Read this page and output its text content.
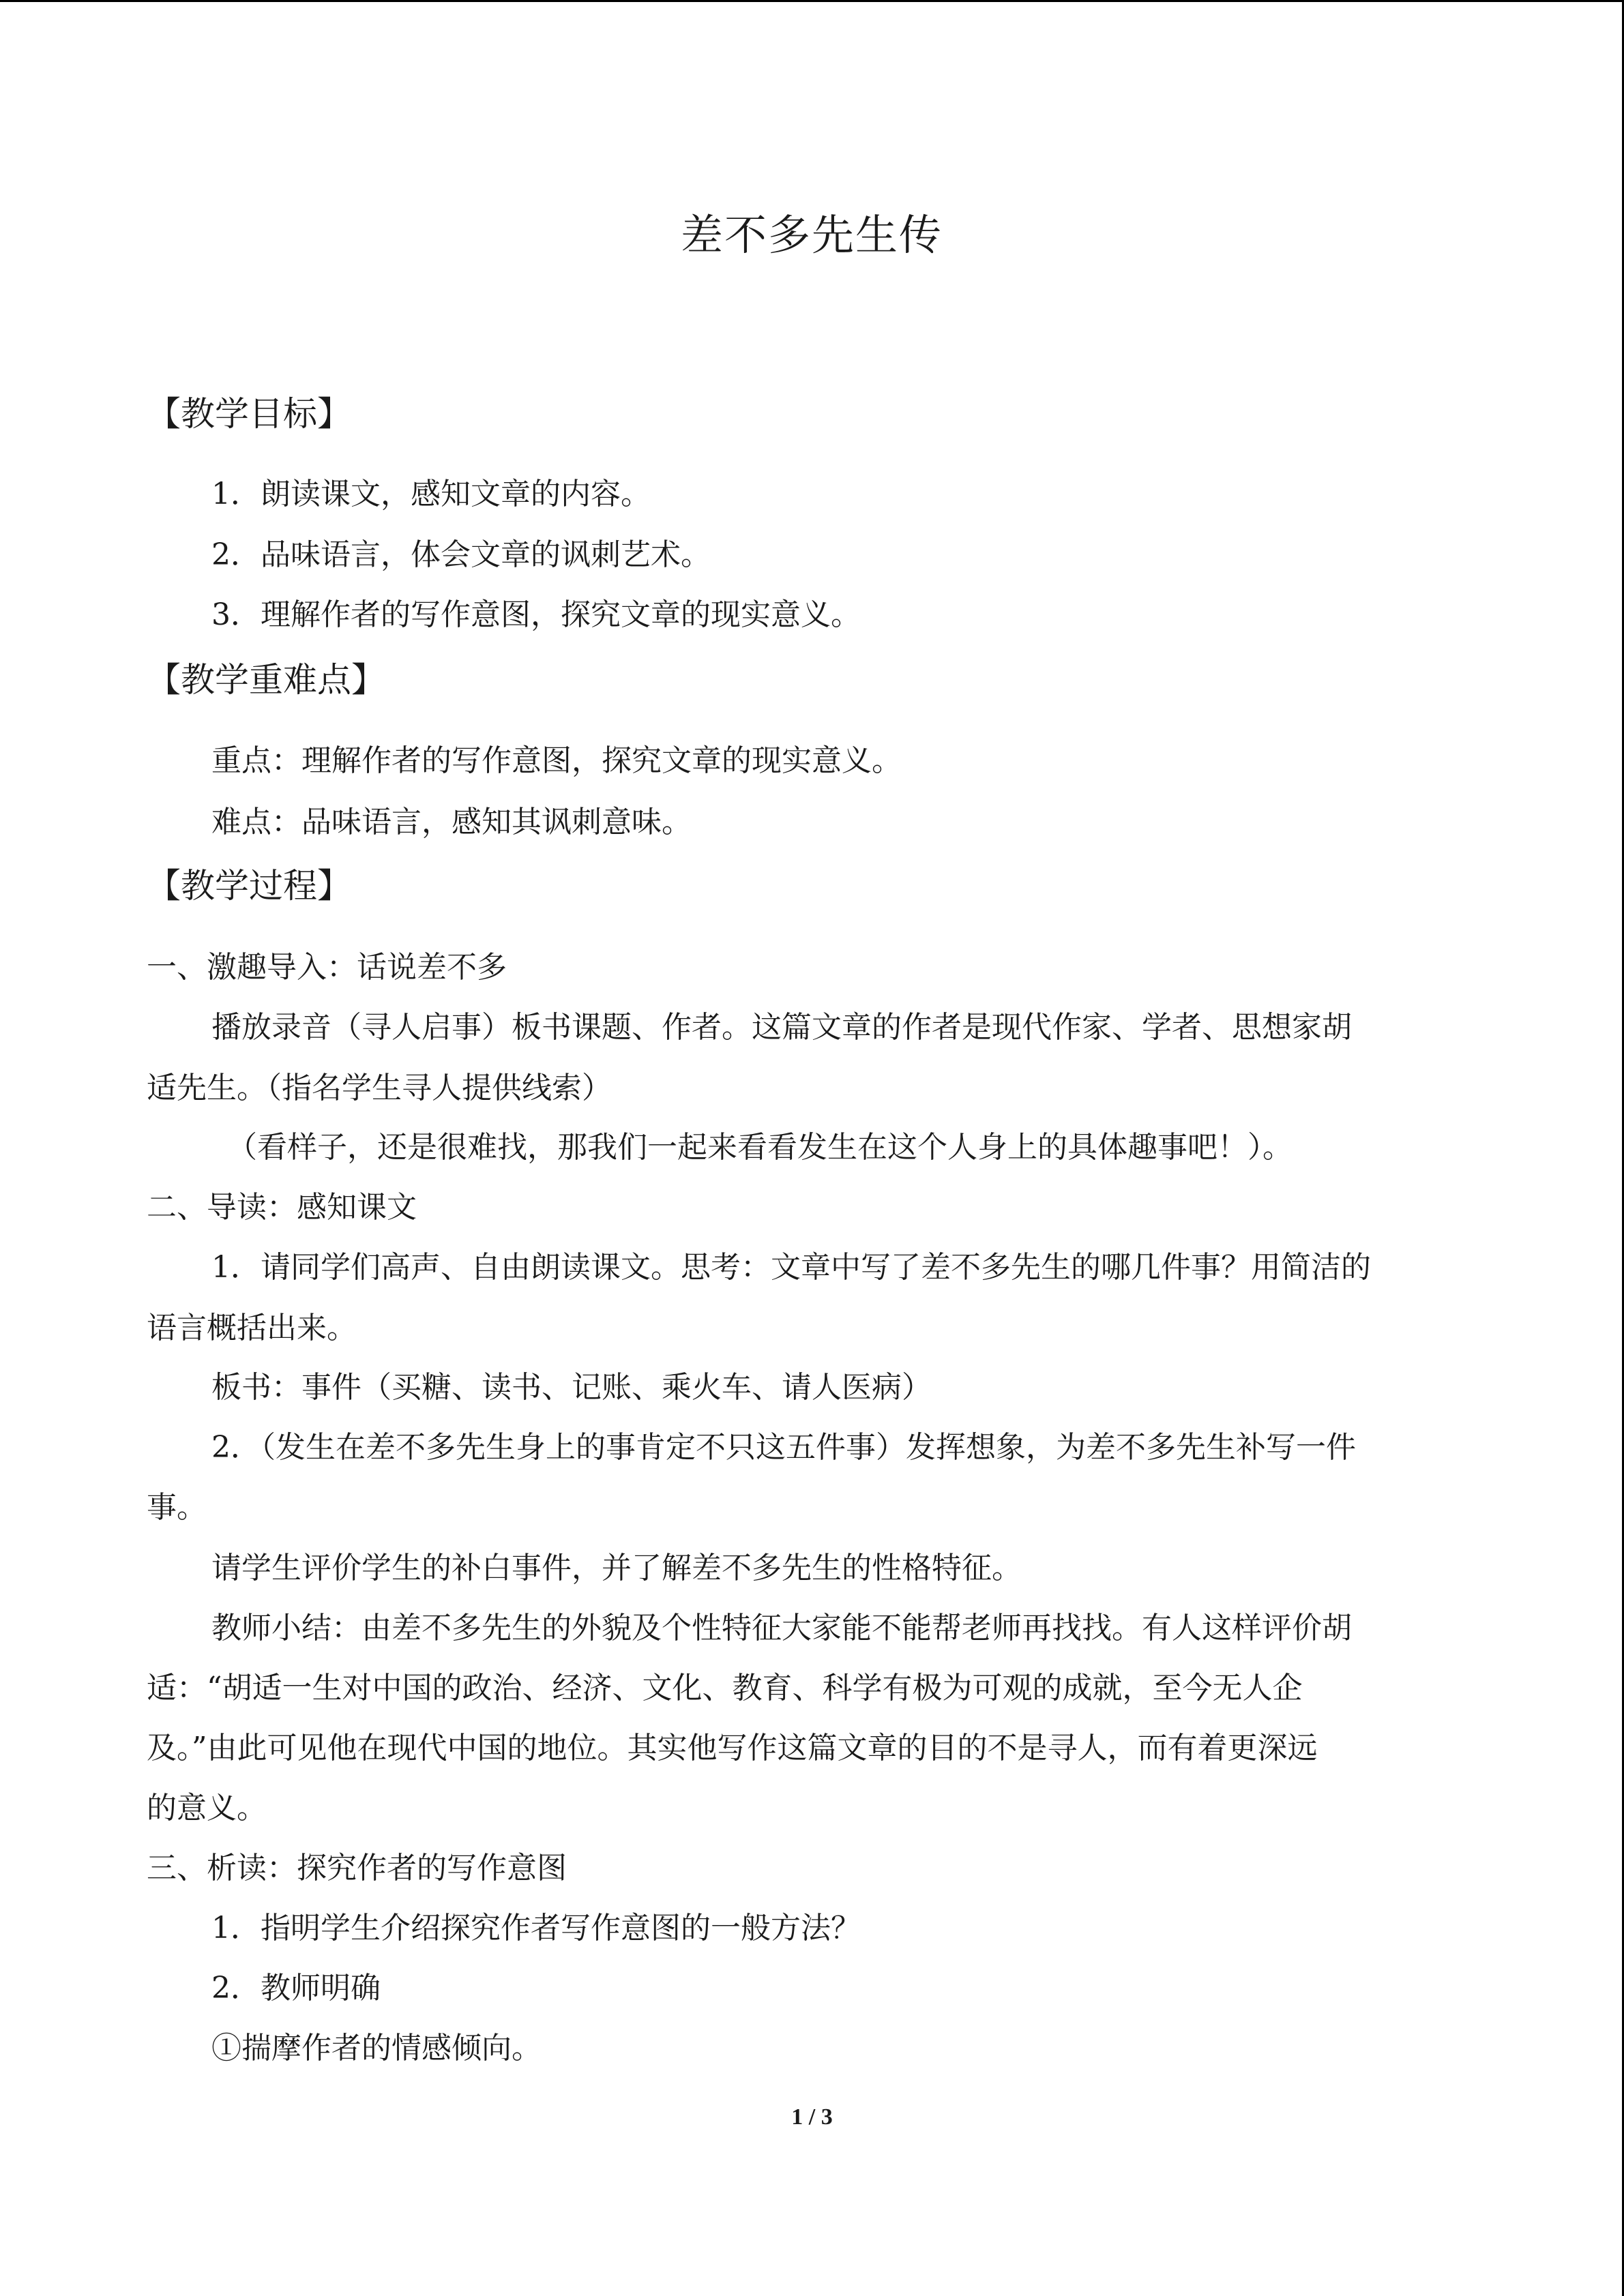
差不多先生传
【教学目标】
1．朗读课文，感知文章的内容。
2．品味语言，体会文章的讽刺艺术。
3．理解作者的写作意图，探究文章的现实意义。
【教学重难点】
重点：理解作者的写作意图，探究文章的现实意义。
难点：品味语言，感知其讽刺意味。
【教学过程】
一、激趣导入：话说差不多
播放录音（寻人启事）板书课题、作者。这篇文章的作者是现代作家、学者、思想家胡
适先生。（指名学生寻人提供线索）
（看样子，还是很难找，那我们一起来看看发生在这个人身上的具体趣事吧！）。
二、导读：感知课文
1．请同学们高声、自由朗读课文。思考：文章中写了差不多先生的哪几件事？用简洁的
语言概括出来。
板书：事件（买糖、读书、记账、乘火车、请人医病）
2．（发生在差不多先生身上的事肯定不只这五件事）发挥想象，为差不多先生补写一件
事。
请学生评价学生的补白事件，并了解差不多先生的性格特征。
教师小结：由差不多先生的外貌及个性特征大家能不能帮老师再找找。有人这样评价胡
适：“胡适一生对中国的政治、经济、文化、教育、科学有极为可观的成就，至今无人企
及。”由此可见他在现代中国的地位。其实他写作这篇文章的目的不是寻人，而有着更深远
的意义。
三、析读：探究作者的写作意图
1．指明学生介绍探究作者写作意图的一般方法？
2．教师明确
①揣摩作者的情感倾向。
1 / 3
